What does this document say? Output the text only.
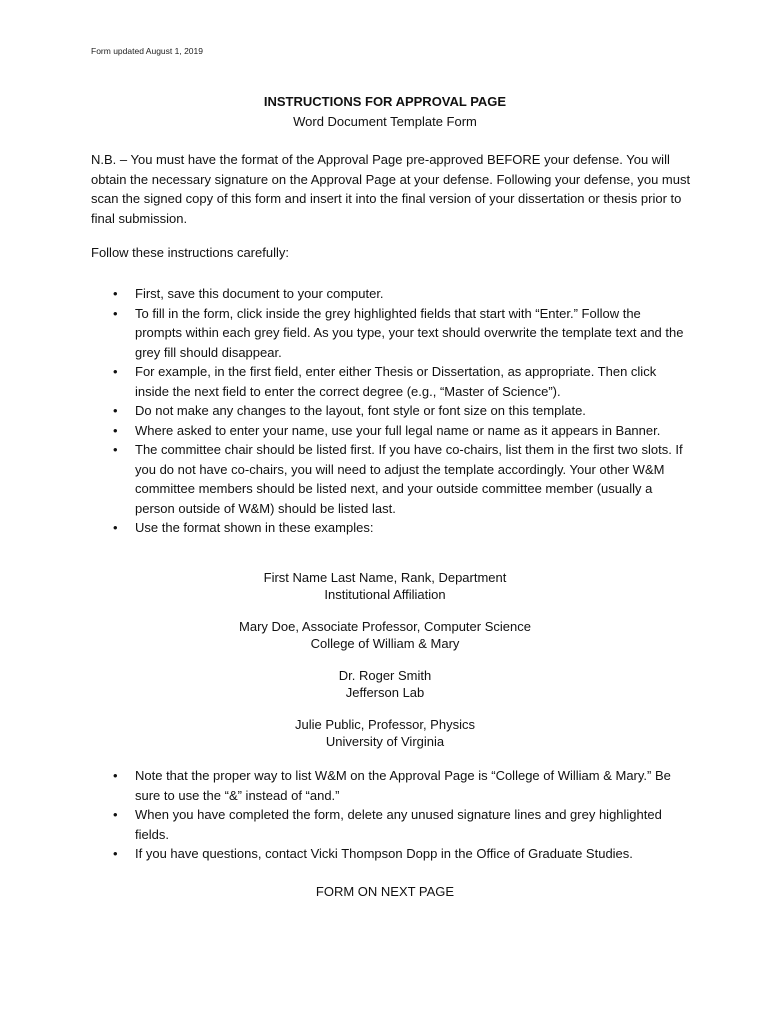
Form updated August 1, 2019
INSTRUCTIONS FOR APPROVAL PAGE
Word Document Template Form

N.B. – You must have the format of the Approval Page pre-approved BEFORE your defense. You will obtain the necessary signature on the Approval Page at your defense. Following your defense, you must scan the signed copy of this form and insert it into the final version of your dissertation or thesis prior to final submission.

Follow these instructions carefully:

• First, save this document to your computer.
• To fill in the form, click inside the grey highlighted fields that start with “Enter.” Follow the prompts within each grey field. As you type, your text should overwrite the template text and the grey fill should disappear.
• For example, in the first field, enter either Thesis or Dissertation, as appropriate. Then click inside the next field to enter the correct degree (e.g., “Master of Science”).
• Do not make any changes to the layout, font style or font size on this template.
• Where asked to enter your name, use your full legal name or name as it appears in Banner.
• The committee chair should be listed first. If you have co-chairs, list them in the first two slots. If you do not have co-chairs, you will need to adjust the template accordingly. Your other W&M committee members should be listed next, and your outside committee member (usually a person outside of W&M) should be listed last.
• Use the format shown in these examples:
First Name Last Name, Rank, Department
Institutional Affiliation
Mary Doe, Associate Professor, Computer Science
College of William & Mary
Dr. Roger Smith
Jefferson Lab
Julie Public, Professor, Physics
University of Virginia
• Note that the proper way to list W&M on the Approval Page is “College of William & Mary.” Be sure to use the “&” instead of “and.”
• When you have completed the form, delete any unused signature lines and grey highlighted fields.
• If you have questions, contact Vicki Thompson Dopp in the Office of Graduate Studies.
FORM ON NEXT PAGE
